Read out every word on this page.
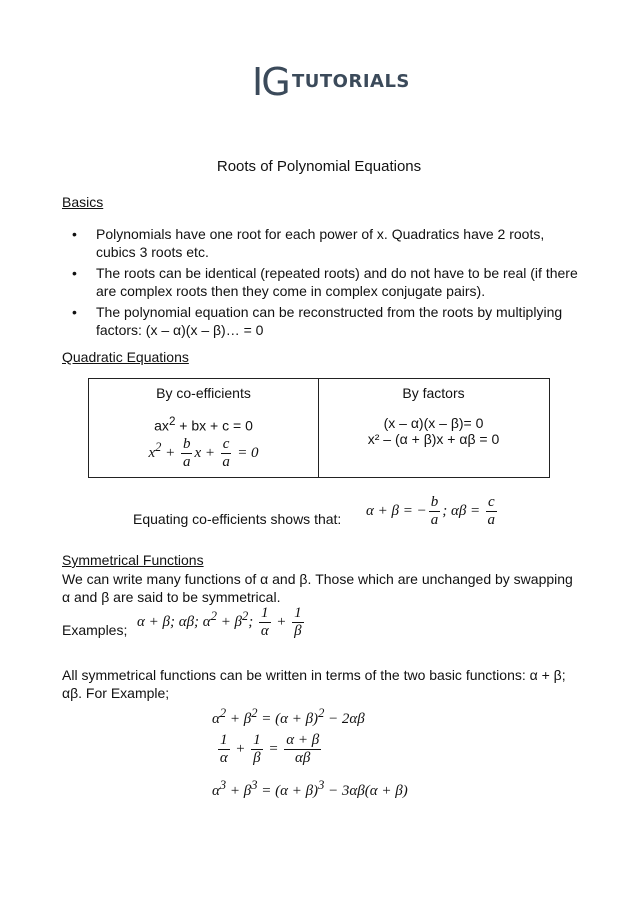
IG TUTORIALS
Roots of Polynomial Equations
Basics
• Polynomials have one root for each power of x. Quadratics have 2 roots, cubics 3 roots etc.
• The roots can be identical (repeated roots) and do not have to be real (if there are complex roots then they come in complex conjugate pairs).
• The polynomial equation can be reconstructed from the roots by multiplying factors: (x – α)(x – β)… = 0
Quadratic Equations
By co-efficients
$ax^2$ + bx + c = 0
$x^2 + \frac{b}{a}$ $x + \frac{c}{a} = 0$
By factors
(x – α)(x – β)= 0
x² – (α + β)x + αβ = 0
Equating co-efficients shows that:
α + β = − $\frac{b}{a}$ ; $\alpha\beta = \frac{c}{a}$
Symmetrical Functions
We can write many functions of α and β. Those which are unchanged by swapping α and β are said to be symmetrical.
Examples;
α + β; αβ; $\alpha^2 + \beta^2$; $\frac{1}{\alpha} + \frac{1}{\beta}$
All symmetrical functions can be written in terms of the two basic functions: α + β; αβ. For Example;
$\alpha^2 + \beta^2 = (\alpha + \beta)^2 - 2\alpha\beta$
$\frac{1}{\alpha} + \frac{1}{\beta} = \frac{\alpha + \beta}{\alpha\beta}$
$\alpha^3 + \beta^3 = (\alpha + \beta)^3 - 3\alpha\beta(\alpha + \beta)$
